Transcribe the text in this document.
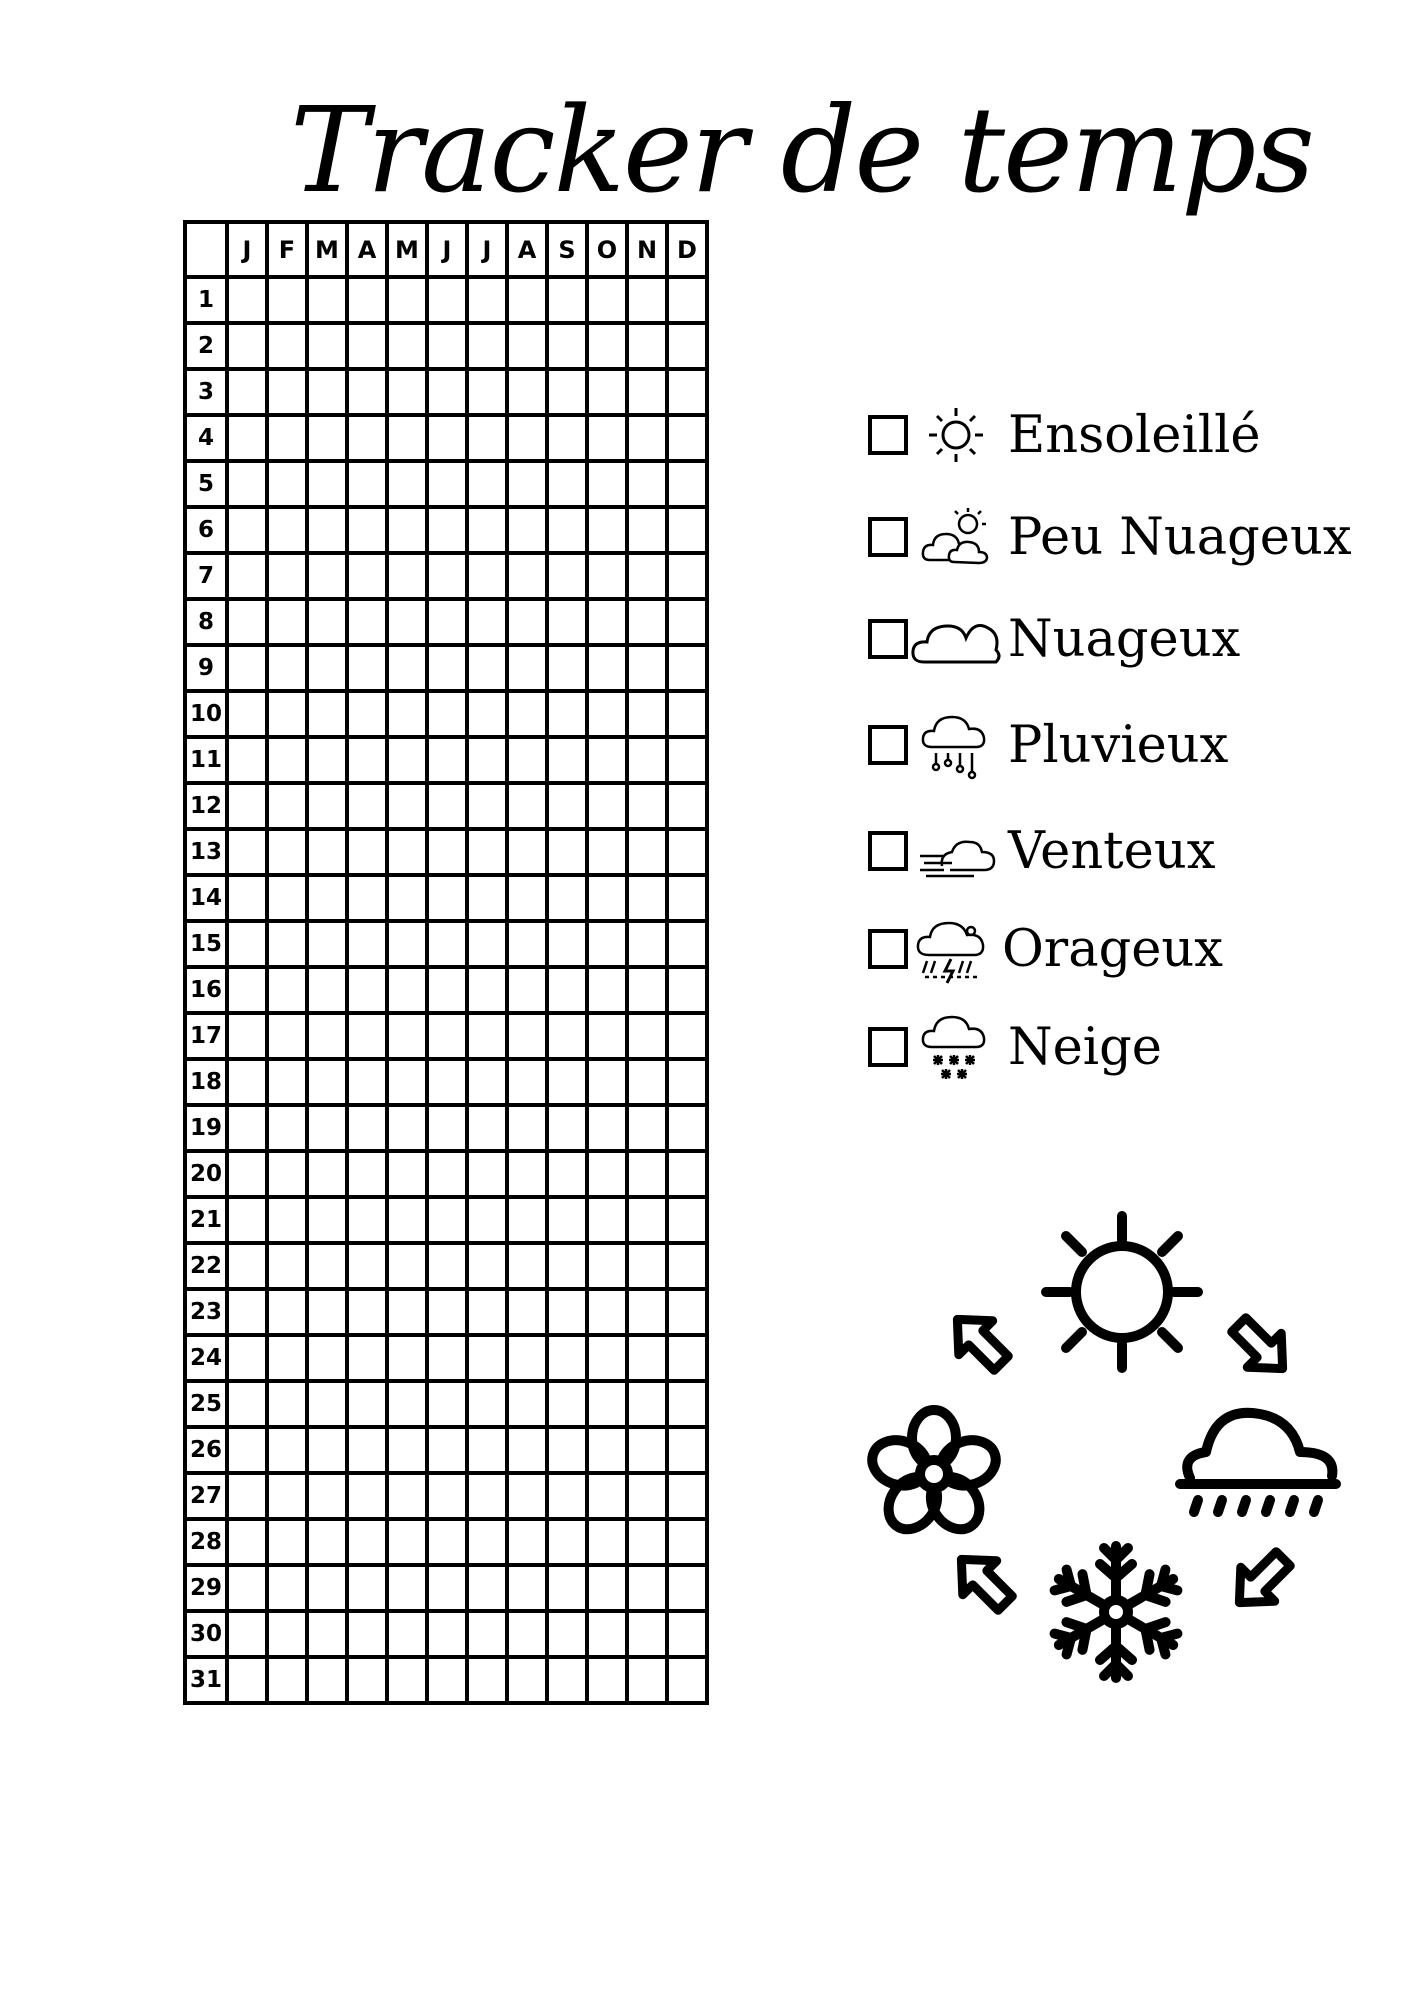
Tracker de temps
	J	F	M	A	M	J	J	A	S	O	N	D
1												
2												
3												
4												
5												
6												
7												
8												
9												
10												
11												
12												
13												
14												
15												
16												
17												
18												
19												
20												
21												
22												
23												
24												
25												
26												
27												
28												
29												
30												
31												
Ensoleillé
Peu Nuageux
Nuageux
Pluvieux
Venteux
Orageux
Neige
